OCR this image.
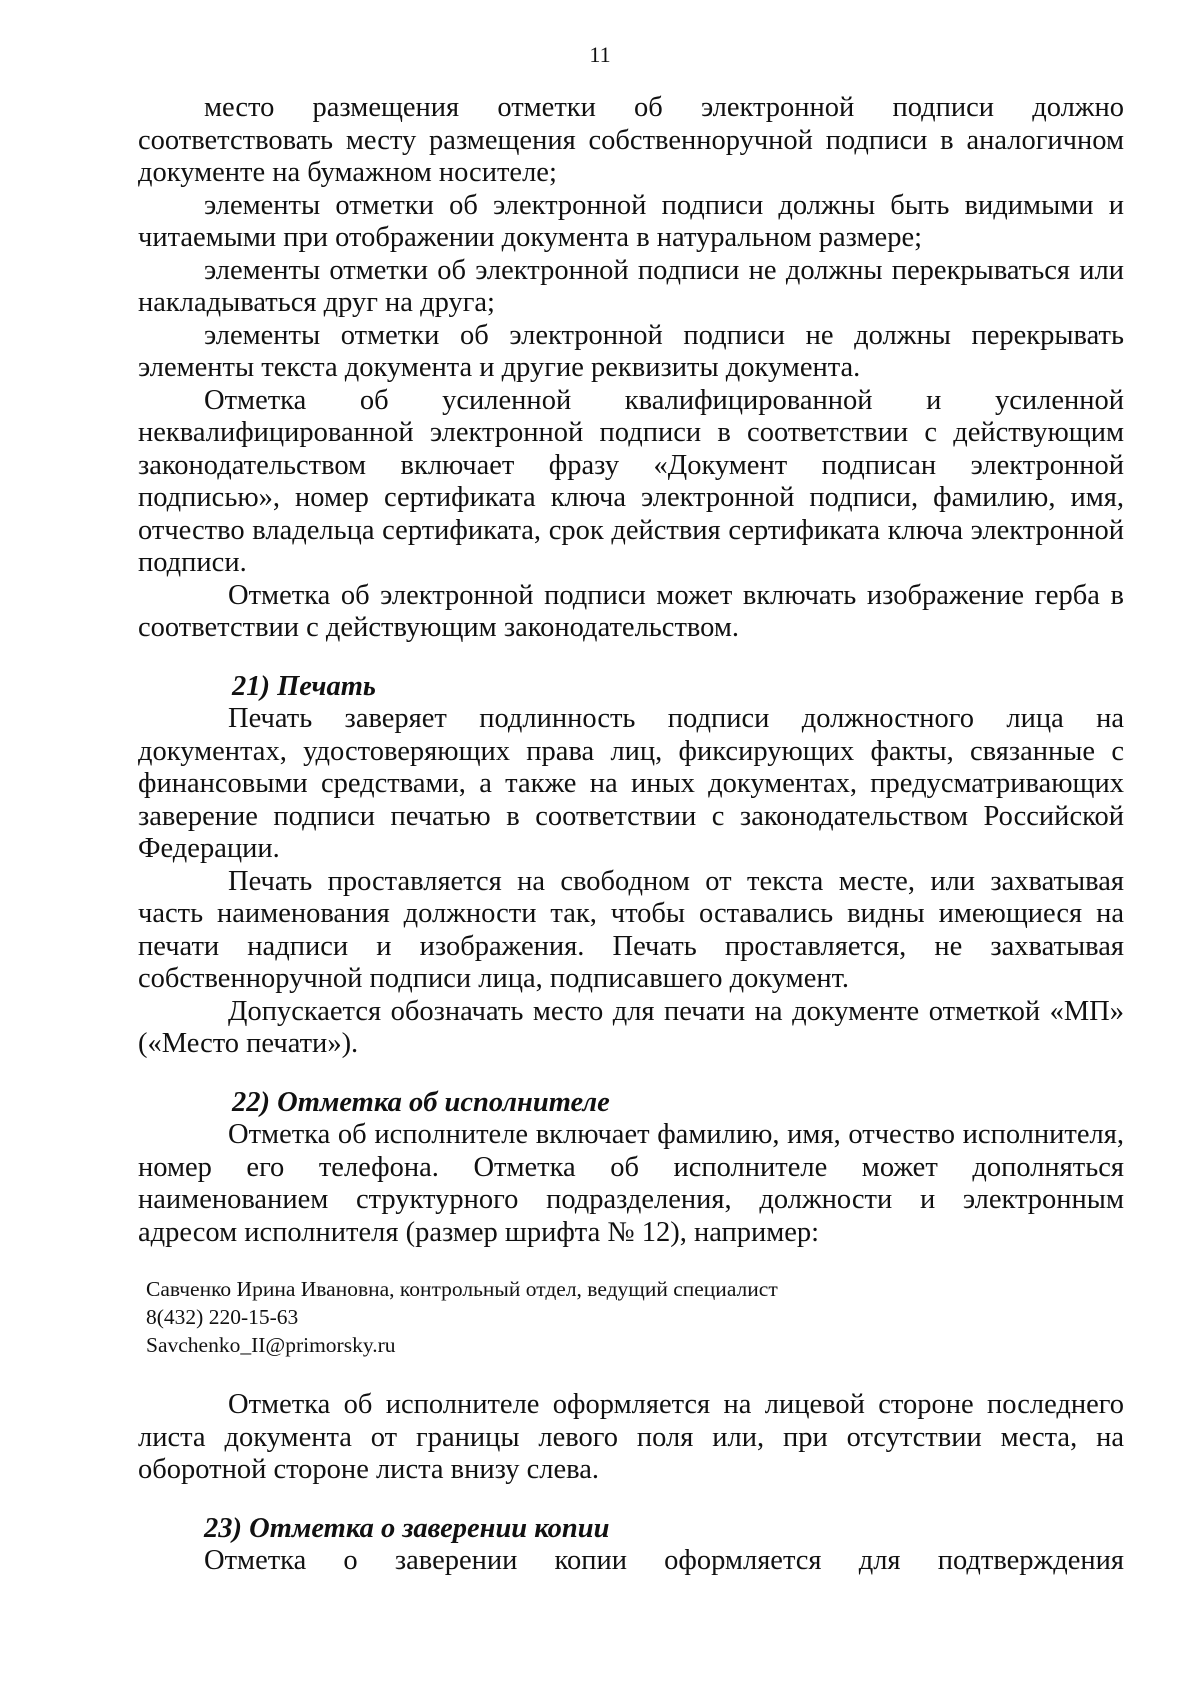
11

место размещения отметки об электронной подписи должно соответствовать месту размещения собственноручной подписи в аналогичном документе на бумажном носителе;

элементы отметки об электронной подписи должны быть видимыми и читаемыми при отображении документа в натуральном размере;

элементы отметки об электронной подписи не должны перекрываться или накладываться друг на друга;

элементы отметки об электронной подписи не должны перекрывать элементы текста документа и другие реквизиты документа.

Отметка об усиленной квалифицированной и усиленной неквалифицированной электронной подписи в соответствии с действующим законодательством включает фразу «Документ подписан электронной подписью», номер сертификата ключа электронной подписи, фамилию, имя, отчество владельца сертификата, срок действия сертификата ключа электронной подписи.

Отметка об электронной подписи может включать изображение герба в соответствии с действующим законодательством.

21) Печать

Печать заверяет подлинность подписи должностного лица на документах, удостоверяющих права лиц, фиксирующих факты, связанные с финансовыми средствами, а также на иных документах, предусматривающих заверение подписи печатью в соответствии с законодательством Российской Федерации.

Печать проставляется на свободном от текста месте, или захватывая часть наименования должности так, чтобы оставались видны имеющиеся на печати надписи и изображения. Печать проставляется, не захватывая собственноручной подписи лица, подписавшего документ.

Допускается обозначать место для печати на документе отметкой «МП» («Место печати»).

22) Отметка об исполнителе

Отметка об исполнителе включает фамилию, имя, отчество исполнителя, номер его телефона. Отметка об исполнителе может дополняться наименованием структурного подразделения, должности и электронным адресом исполнителя (размер шрифта № 12), например:

Савченко Ирина Ивановна, контрольный отдел, ведущий специалист
8(432) 220-15-63
Savchenko_II@primorsky.ru

Отметка об исполнителе оформляется на лицевой стороне последнего листа документа от границы левого поля или, при отсутствии места, на оборотной стороне листа внизу слева.

23) Отметка о заверении копии

Отметка о заверении копии оформляется для подтверждения
